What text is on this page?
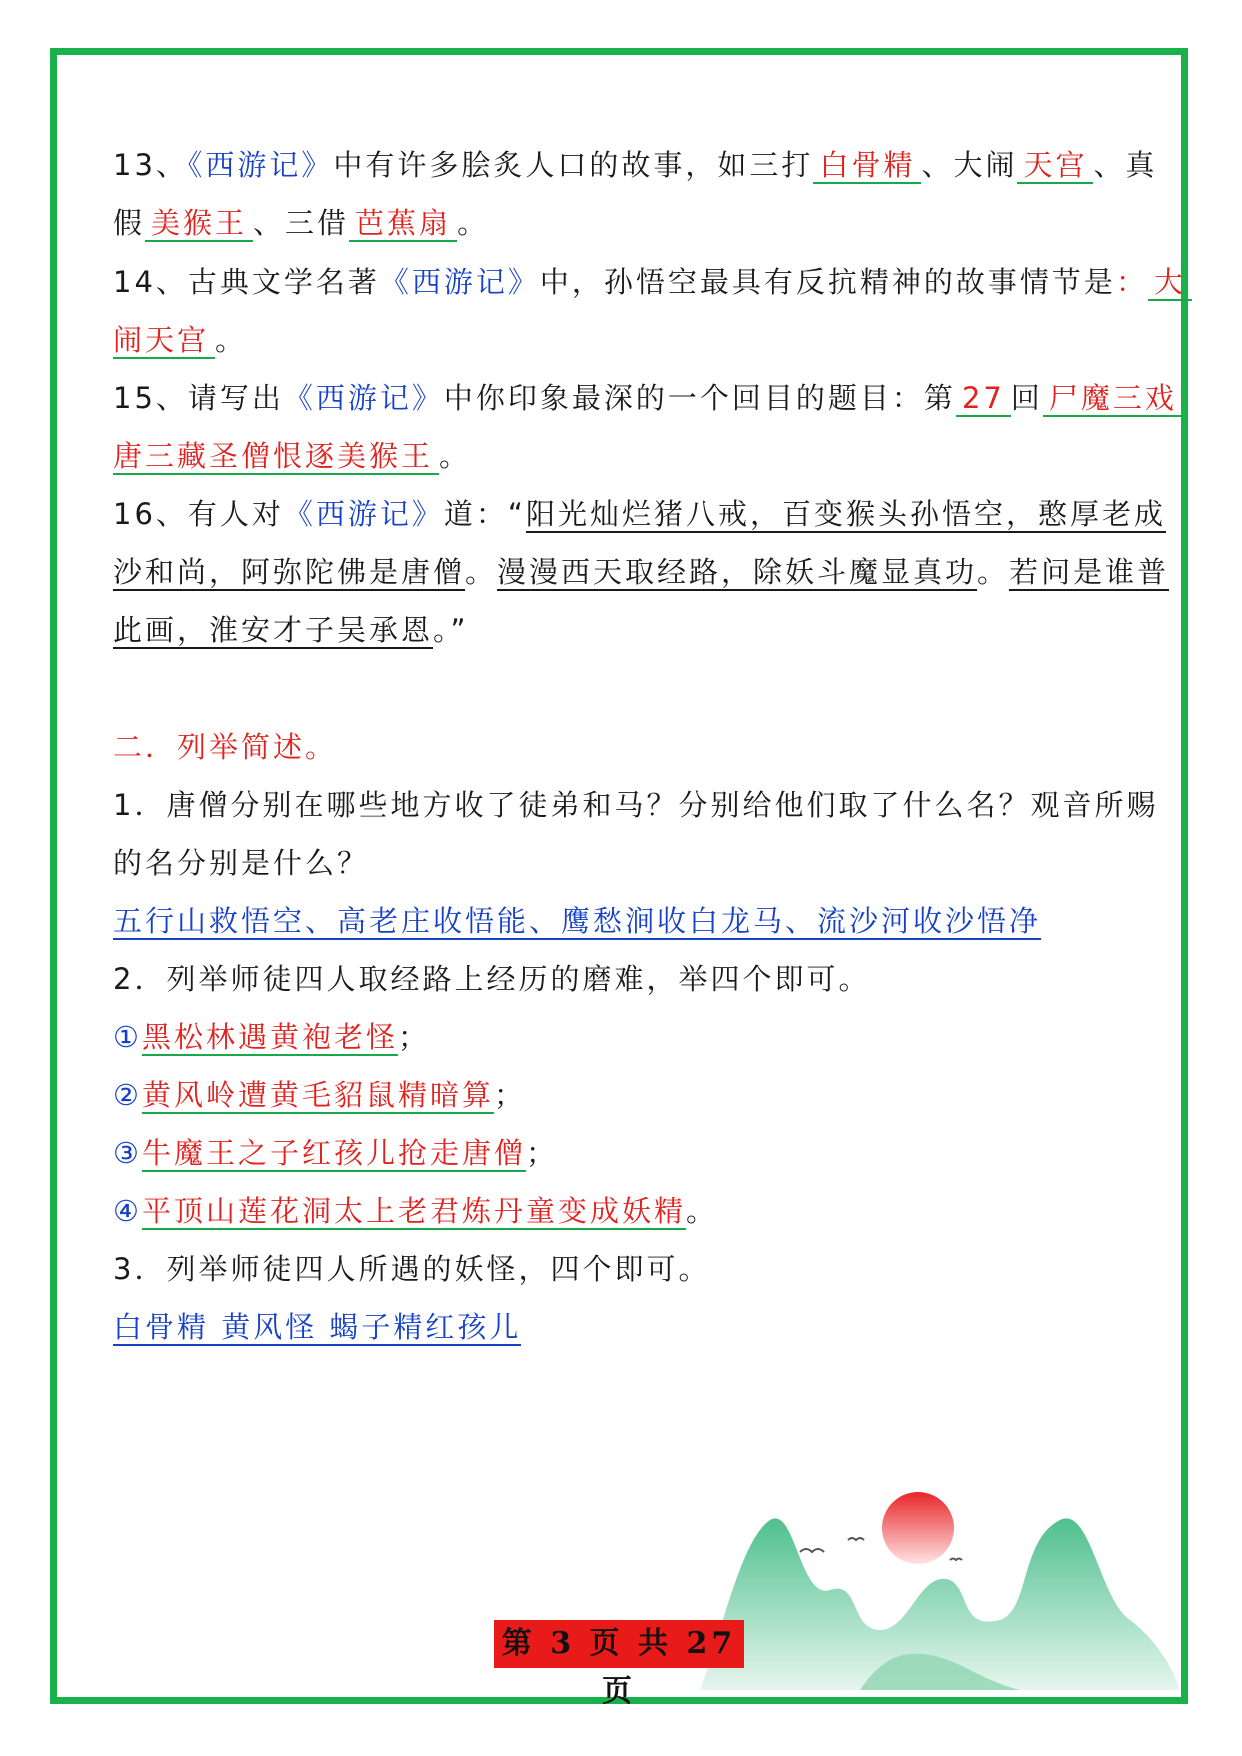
13、《西游记》中有许多脍炙人口的故事，如三打 白骨精 、大闹 天宫 、真
假 美猴王 、三借 芭蕉扇 。
14、古典文学名著《西游记》中，孙悟空最具有反抗精神的故事情节是： 大
闹天宫 。
15、请写出《西游记》中你印象最深的一个回目的题目：第 27 回 尸魔三戏
唐三藏圣僧恨逐美猴王 。
16、有人对《西游记》道：“阳光灿烂猪八戒，百变猴头孙悟空，憨厚老成
沙和尚，阿弥陀佛是唐僧。漫漫西天取经路，除妖斗魔显真功。若问是谁普
此画，淮安才子吴承恩。”
二．列举简述。
1．唐僧分别在哪些地方收了徒弟和马？分别给他们取了什么名？观音所赐
的名分别是什么？
五行山救悟空、高老庄收悟能、鹰愁涧收白龙马、流沙河收沙悟净
2．列举师徒四人取经路上经历的磨难，举四个即可。
①黑松林遇黄袍老怪；
②黄风岭遭黄毛貂鼠精暗算；
③牛魔王之子红孩儿抢走唐僧；
④平顶山莲花洞太上老君炼丹童变成妖精。
3．列举师徒四人所遇的妖怪，四个即可。
白骨精 黄风怪 蝎子精红孩儿
第 3 页 共 27 页
